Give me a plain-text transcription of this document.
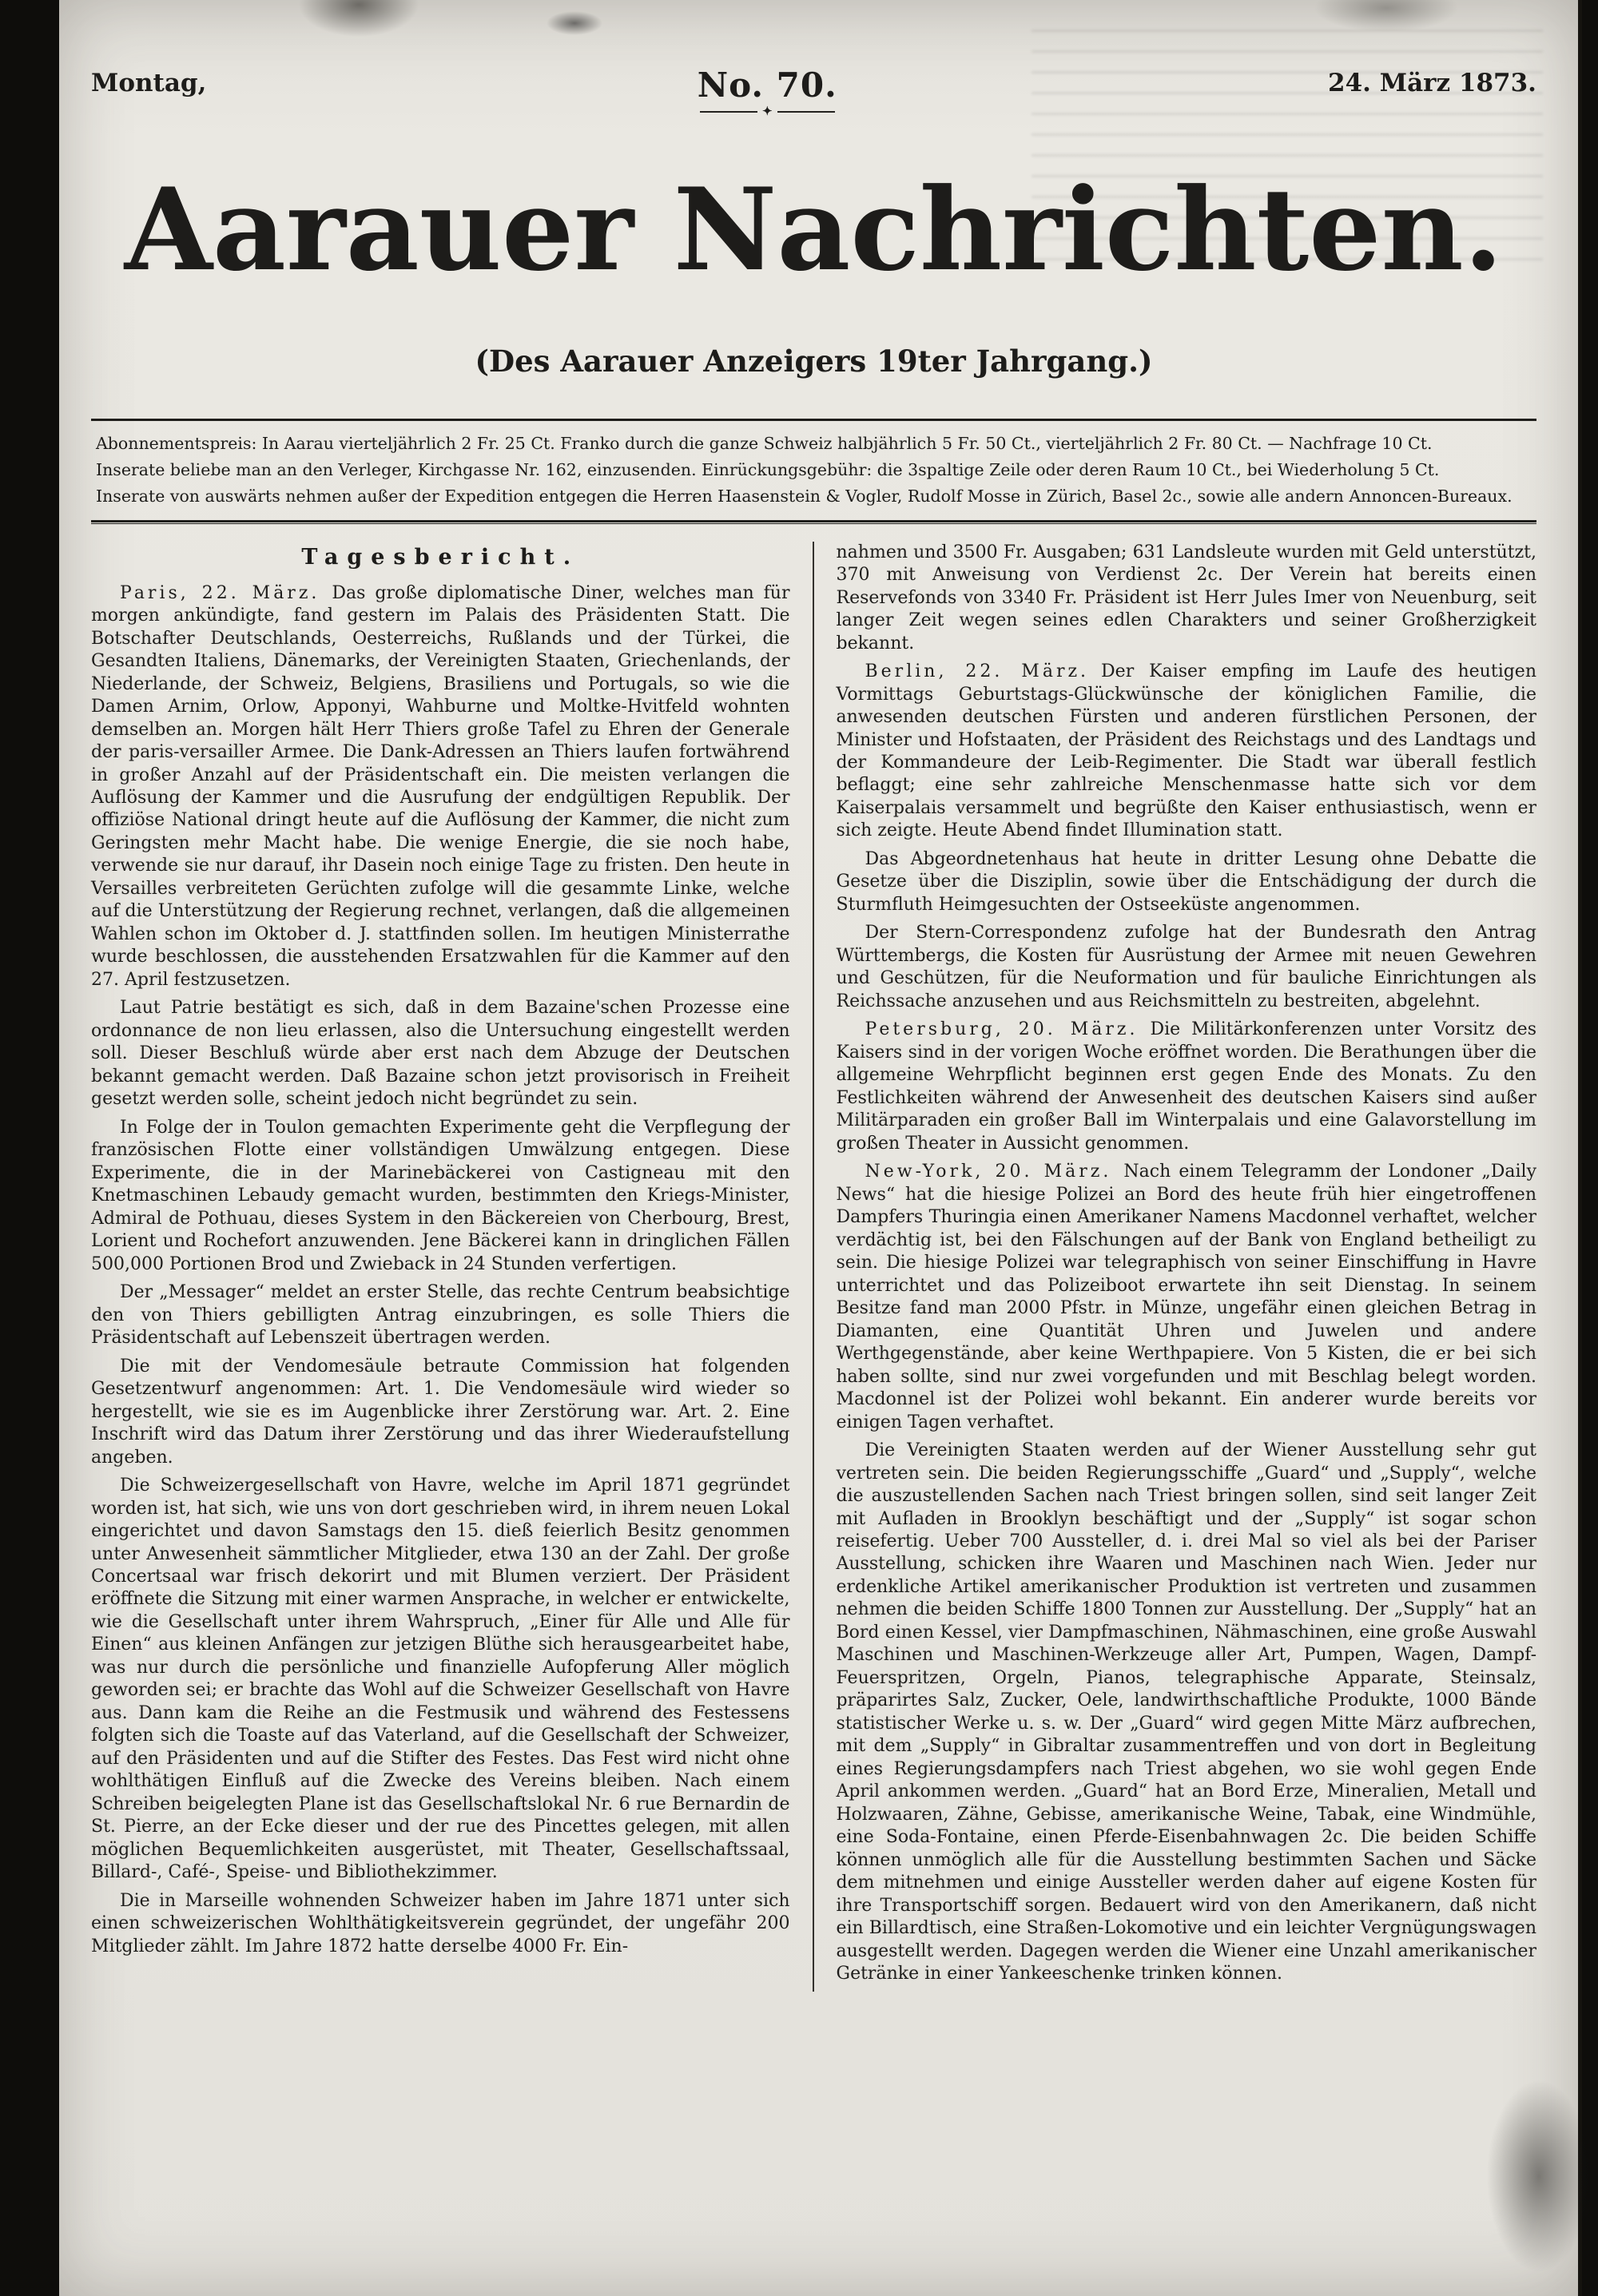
Montag,	No. 70.
✦
24. März 1873.
Aarauer Nachrichten.
(Des Aarauer Anzeigers 19ter Jahrgang.)
Abonnementspreis: In Aarau vierteljährlich 2 Fr. 25 Ct. Franko durch die ganze Schweiz halbjährlich 5 Fr. 50 Ct., vierteljährlich 2 Fr. 80 Ct. — Nachfrage 10 Ct.
Inserate beliebe man an den Verleger, Kirchgasse Nr. 162, einzusenden. Einrückungsgebühr: die 3spaltige Zeile oder deren Raum 10 Ct., bei Wiederholung 5 Ct.
Inserate von auswärts nehmen außer der Expedition entgegen die Herren Haasenstein & Vogler, Rudolf Mosse in Zürich, Basel 2c., sowie alle andern Annoncen-Bureaux.
Tagesbericht.

Paris, 22. März. Das große diplomatische Diner, welches man für morgen ankündigte, fand gestern im Palais des Präsidenten Statt. Die Botschafter Deutschlands, Oesterreichs, Rußlands und der Türkei, die Gesandten Italiens, Dänemarks, der Vereinigten Staaten, Griechenlands, der Niederlande, der Schweiz, Belgiens, Brasiliens und Portugals, so wie die Damen Arnim, Orlow, Apponyi, Wahburne und Moltke-Hvitfeld wohnten demselben an. Morgen hält Herr Thiers große Tafel zu Ehren der Generale der paris-versailler Armee. Die Dank-Adressen an Thiers laufen fortwährend in großer Anzahl auf der Präsidentschaft ein. Die meisten verlangen die Auflösung der Kammer und die Ausrufung der endgültigen Republik. Der offiziöse National dringt heute auf die Auflösung der Kammer, die nicht zum Geringsten mehr Macht habe. Die wenige Energie, die sie noch habe, verwende sie nur darauf, ihr Dasein noch einige Tage zu fristen. Den heute in Versailles verbreiteten Gerüchten zufolge will die gesammte Linke, welche auf die Unterstützung der Regierung rechnet, verlangen, daß die allgemeinen Wahlen schon im Oktober d. J. stattfinden sollen. Im heutigen Ministerrathe wurde beschlossen, die ausstehenden Ersatzwahlen für die Kammer auf den 27. April festzusetzen.

Laut Patrie bestätigt es sich, daß in dem Bazaine'schen Prozesse eine ordonnance de non lieu erlassen, also die Untersuchung eingestellt werden soll. Dieser Beschluß würde aber erst nach dem Abzuge der Deutschen bekannt gemacht werden. Daß Bazaine schon jetzt provisorisch in Freiheit gesetzt werden solle, scheint jedoch nicht begründet zu sein.

In Folge der in Toulon gemachten Experimente geht die Verpflegung der französischen Flotte einer vollständigen Umwälzung entgegen. Diese Experimente, die in der Marinebäckerei von Castigneau mit den Knetmaschinen Lebaudy gemacht wurden, bestimmten den Kriegs-Minister, Admiral de Pothuau, dieses System in den Bäckereien von Cherbourg, Brest, Lorient und Rochefort anzuwenden. Jene Bäckerei kann in dringlichen Fällen 500,000 Portionen Brod und Zwieback in 24 Stunden verfertigen.

Der „Messager“ meldet an erster Stelle, das rechte Centrum beabsichtige den von Thiers gebilligten Antrag einzubringen, es solle Thiers die Präsidentschaft auf Lebenszeit übertragen werden.

Die mit der Vendomesäule betraute Commission hat folgenden Gesetzentwurf angenommen: Art. 1. Die Vendomesäule wird wieder so hergestellt, wie sie es im Augenblicke ihrer Zerstörung war. Art. 2. Eine Inschrift wird das Datum ihrer Zerstörung und das ihrer Wiederaufstellung angeben.

Die Schweizergesellschaft von Havre, welche im April 1871 gegründet worden ist, hat sich, wie uns von dort geschrieben wird, in ihrem neuen Lokal eingerichtet und davon Samstags den 15. dieß feierlich Besitz genommen unter Anwesenheit sämmtlicher Mitglieder, etwa 130 an der Zahl. Der große Concertsaal war frisch dekorirt und mit Blumen verziert. Der Präsident eröffnete die Sitzung mit einer warmen Ansprache, in welcher er entwickelte, wie die Gesellschaft unter ihrem Wahrspruch, „Einer für Alle und Alle für Einen“ aus kleinen Anfängen zur jetzigen Blüthe sich herausgearbeitet habe, was nur durch die persönliche und finanzielle Aufopferung Aller möglich geworden sei; er brachte das Wohl auf die Schweizer Gesellschaft von Havre aus. Dann kam die Reihe an die Festmusik und während des Festessens folgten sich die Toaste auf das Vaterland, auf die Gesellschaft der Schweizer, auf den Präsidenten und auf die Stifter des Festes. Das Fest wird nicht ohne wohlthätigen Einfluß auf die Zwecke des Vereins bleiben. Nach einem Schreiben beigelegten Plane ist das Gesellschaftslokal Nr. 6 rue Bernardin de St. Pierre, an der Ecke dieser und der rue des Pincettes gelegen, mit allen möglichen Bequemlichkeiten ausgerüstet, mit Theater, Gesellschaftssaal, Billard-, Café-, Speise- und Bibliothekzimmer.

Die in Marseille wohnenden Schweizer haben im Jahre 1871 unter sich einen schweizerischen Wohlthätigkeitsverein gegründet, der ungefähr 200 Mitglieder zählt. Im Jahre 1872 hatte derselbe 4000 Fr. Ein-

nahmen und 3500 Fr. Ausgaben; 631 Landsleute wurden mit Geld unterstützt, 370 mit Anweisung von Verdienst 2c. Der Verein hat bereits einen Reservefonds von 3340 Fr. Präsident ist Herr Jules Imer von Neuenburg, seit langer Zeit wegen seines edlen Charakters und seiner Großherzigkeit bekannt.

Berlin, 22. März. Der Kaiser empfing im Laufe des heutigen Vormittags Geburtstags-Glückwünsche der königlichen Familie, die anwesenden deutschen Fürsten und anderen fürstlichen Personen, der Minister und Hofstaaten, der Präsident des Reichstags und des Landtags und der Kommandeure der Leib-Regimenter. Die Stadt war überall festlich beflaggt; eine sehr zahlreiche Menschenmasse hatte sich vor dem Kaiserpalais versammelt und begrüßte den Kaiser enthusiastisch, wenn er sich zeigte. Heute Abend findet Illumination statt.

Das Abgeordnetenhaus hat heute in dritter Lesung ohne Debatte die Gesetze über die Disziplin, sowie über die Entschädigung der durch die Sturmfluth Heimgesuchten der Ostseeküste angenommen.

Der Stern-Correspondenz zufolge hat der Bundesrath den Antrag Württembergs, die Kosten für Ausrüstung der Armee mit neuen Gewehren und Geschützen, für die Neuformation und für bauliche Einrichtungen als Reichssache anzusehen und aus Reichsmitteln zu bestreiten, abgelehnt.

Petersburg, 20. März. Die Militärkonferenzen unter Vorsitz des Kaisers sind in der vorigen Woche eröffnet worden. Die Berathungen über die allgemeine Wehrpflicht beginnen erst gegen Ende des Monats. Zu den Festlichkeiten während der Anwesenheit des deutschen Kaisers sind außer Militärparaden ein großer Ball im Winterpalais und eine Galavorstellung im großen Theater in Aussicht genommen.

New-York, 20. März. Nach einem Telegramm der Londoner „Daily News“ hat die hiesige Polizei an Bord des heute früh hier eingetroffenen Dampfers Thuringia einen Amerikaner Namens Macdonnel verhaftet, welcher verdächtig ist, bei den Fälschungen auf der Bank von England betheiligt zu sein. Die hiesige Polizei war telegraphisch von seiner Einschiffung in Havre unterrichtet und das Polizeiboot erwartete ihn seit Dienstag. In seinem Besitze fand man 2000 Pfstr. in Münze, ungefähr einen gleichen Betrag in Diamanten, eine Quantität Uhren und Juwelen und andere Werthgegenstände, aber keine Werthpapiere. Von 5 Kisten, die er bei sich haben sollte, sind nur zwei vorgefunden und mit Beschlag belegt worden. Macdonnel ist der Polizei wohl bekannt. Ein anderer wurde bereits vor einigen Tagen verhaftet.

Die Vereinigten Staaten werden auf der Wiener Ausstellung sehr gut vertreten sein. Die beiden Regierungsschiffe „Guard“ und „Supply“, welche die auszustellenden Sachen nach Triest bringen sollen, sind seit langer Zeit mit Aufladen in Brooklyn beschäftigt und der „Supply“ ist sogar schon reisefertig. Ueber 700 Aussteller, d. i. drei Mal so viel als bei der Pariser Ausstellung, schicken ihre Waaren und Maschinen nach Wien. Jeder nur erdenkliche Artikel amerikanischer Produktion ist vertreten und zusammen nehmen die beiden Schiffe 1800 Tonnen zur Ausstellung. Der „Supply“ hat an Bord einen Kessel, vier Dampfmaschinen, Nähmaschinen, eine große Auswahl Maschinen und Maschinen-Werkzeuge aller Art, Pumpen, Wagen, Dampf-Feuerspritzen, Orgeln, Pianos, telegraphische Apparate, Steinsalz, präparirtes Salz, Zucker, Oele, landwirthschaftliche Produkte, 1000 Bände statistischer Werke u. s. w. Der „Guard“ wird gegen Mitte März aufbrechen, mit dem „Supply“ in Gibraltar zusammentreffen und von dort in Begleitung eines Regierungsdampfers nach Triest abgehen, wo sie wohl gegen Ende April ankommen werden. „Guard“ hat an Bord Erze, Mineralien, Metall und Holzwaaren, Zähne, Gebisse, amerikanische Weine, Tabak, eine Windmühle, eine Soda-Fontaine, einen Pferde-Eisenbahnwagen 2c. Die beiden Schiffe können unmöglich alle für die Ausstellung bestimmten Sachen und Säcke dem mitnehmen und einige Aussteller werden daher auf eigene Kosten für ihre Transportschiff sorgen. Bedauert wird von den Amerikanern, daß nicht ein Billardtisch, eine Straßen-Lokomotive und ein leichter Vergnügungswagen ausgestellt werden. Dagegen werden die Wiener eine Unzahl amerikanischer Getränke in einer Yankeeschenke trinken können.
